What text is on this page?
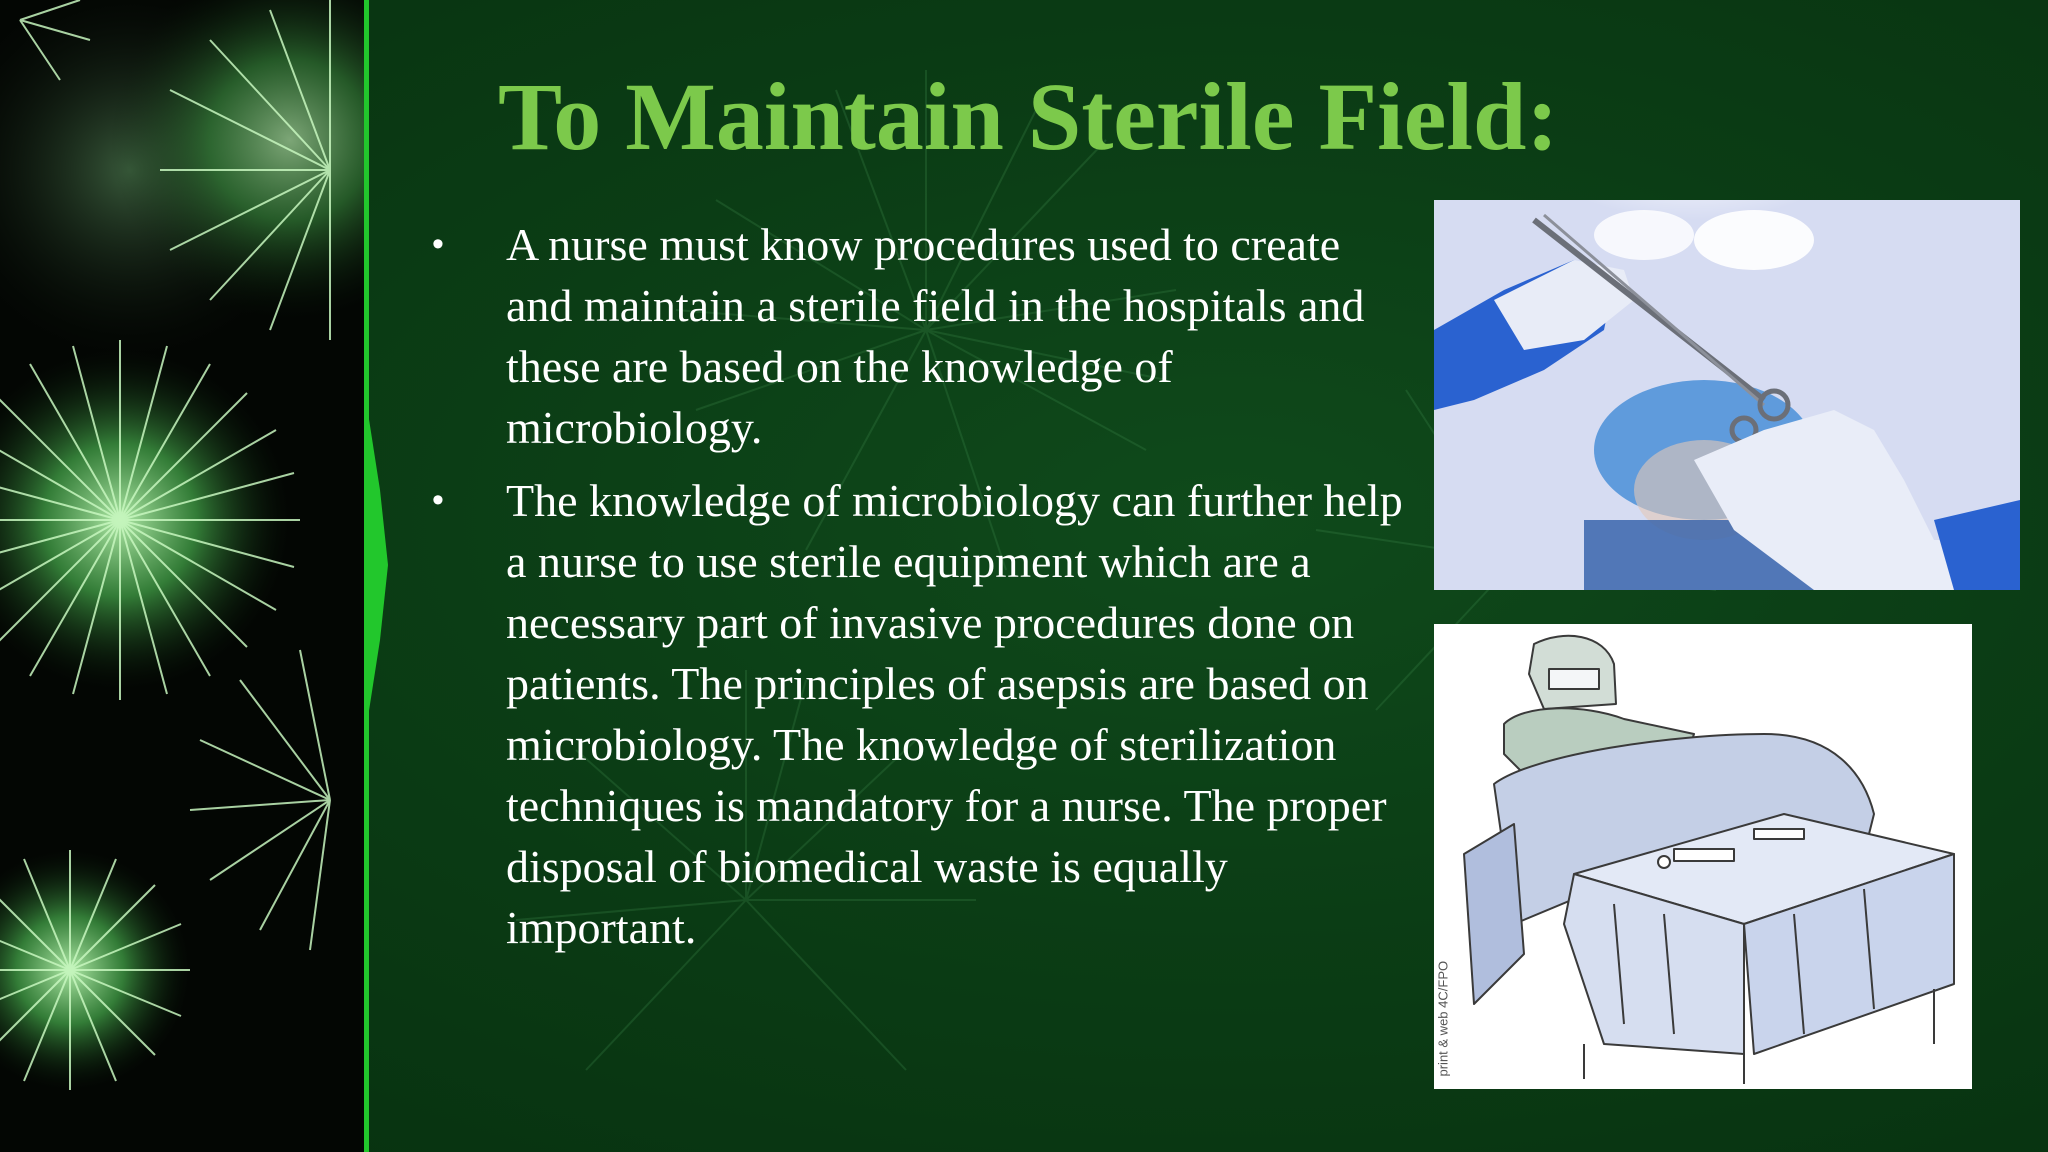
To Maintain Sterile Field:
• A nurse must know procedures used to create and maintain a sterile field in the hospitals and these are based on the knowledge of microbiology.
• The knowledge of microbiology can further help a nurse to use sterile equipment which are a necessary part of invasive procedures done on patients. The principles of asepsis are based on microbiology. The knowledge of sterilization techniques is mandatory for a nurse. The proper disposal of biomedical waste is equally important.
print & web 4C/FPO
